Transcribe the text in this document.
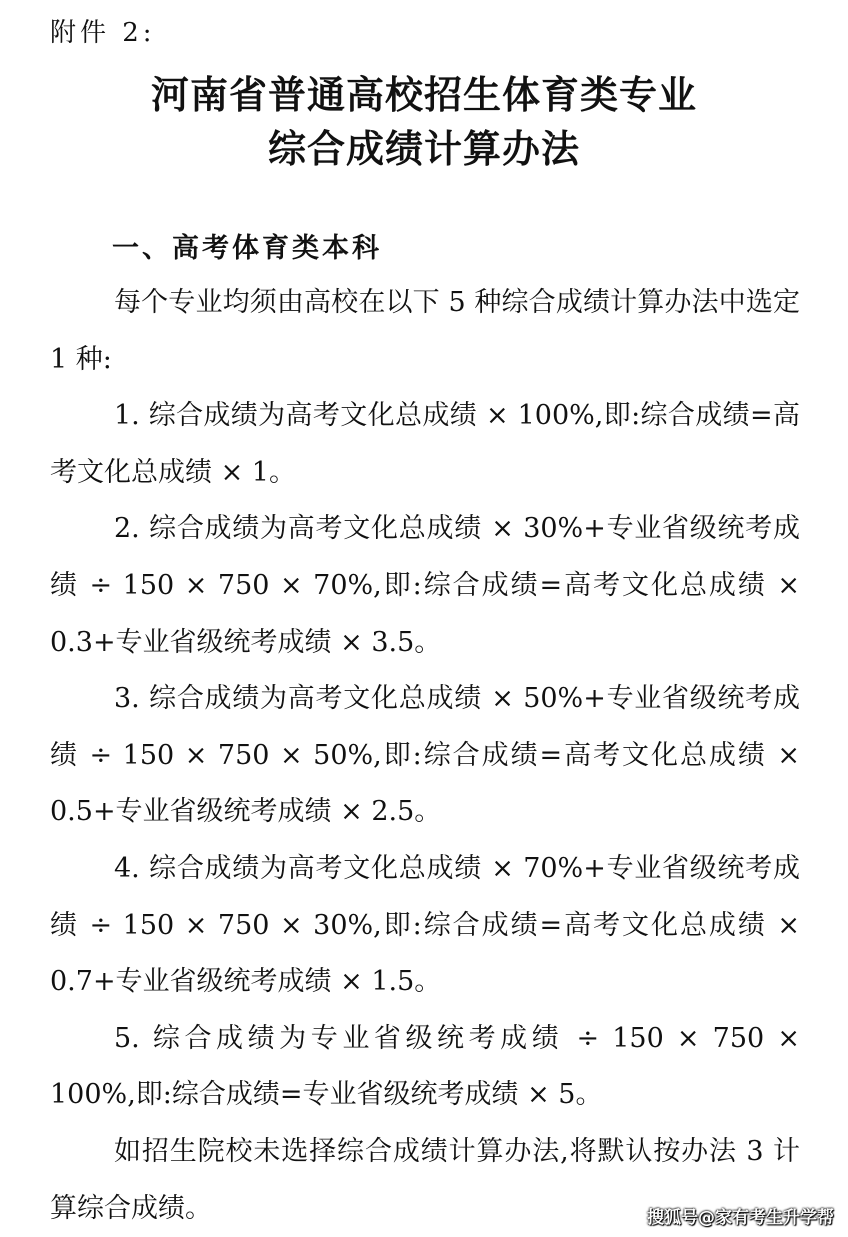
附件 2:
河南省普通高校招生体育类专业
综合成绩计算办法
一、高考体育类本科

每个专业均须由高校在以下 5 种综合成绩计算办法中选定 1 种:

1. 综合成绩为高考文化总成绩 × 100%,即:综合成绩=高考文化总成绩 × 1。

2. 综合成绩为高考文化总成绩 × 30%+专业省级统考成绩 ÷ 150 × 750 × 70%,即:综合成绩=高考文化总成绩 × 0.3+专业省级统考成绩 × 3.5。

3. 综合成绩为高考文化总成绩 × 50%+专业省级统考成绩 ÷ 150 × 750 × 50%,即:综合成绩=高考文化总成绩 × 0.5+专业省级统考成绩 × 2.5。

4. 综合成绩为高考文化总成绩 × 70%+专业省级统考成绩 ÷ 150 × 750 × 30%,即:综合成绩=高考文化总成绩 × 0.7+专业省级统考成绩 × 1.5。

5. 综合成绩为专业省级统考成绩 ÷ 150 × 750 × 100%,即:综合成绩=专业省级统考成绩 × 5。

如招生院校未选择综合成绩计算办法,将默认按办法 3 计算综合成绩。	搜狐号@家有考生升学帮
